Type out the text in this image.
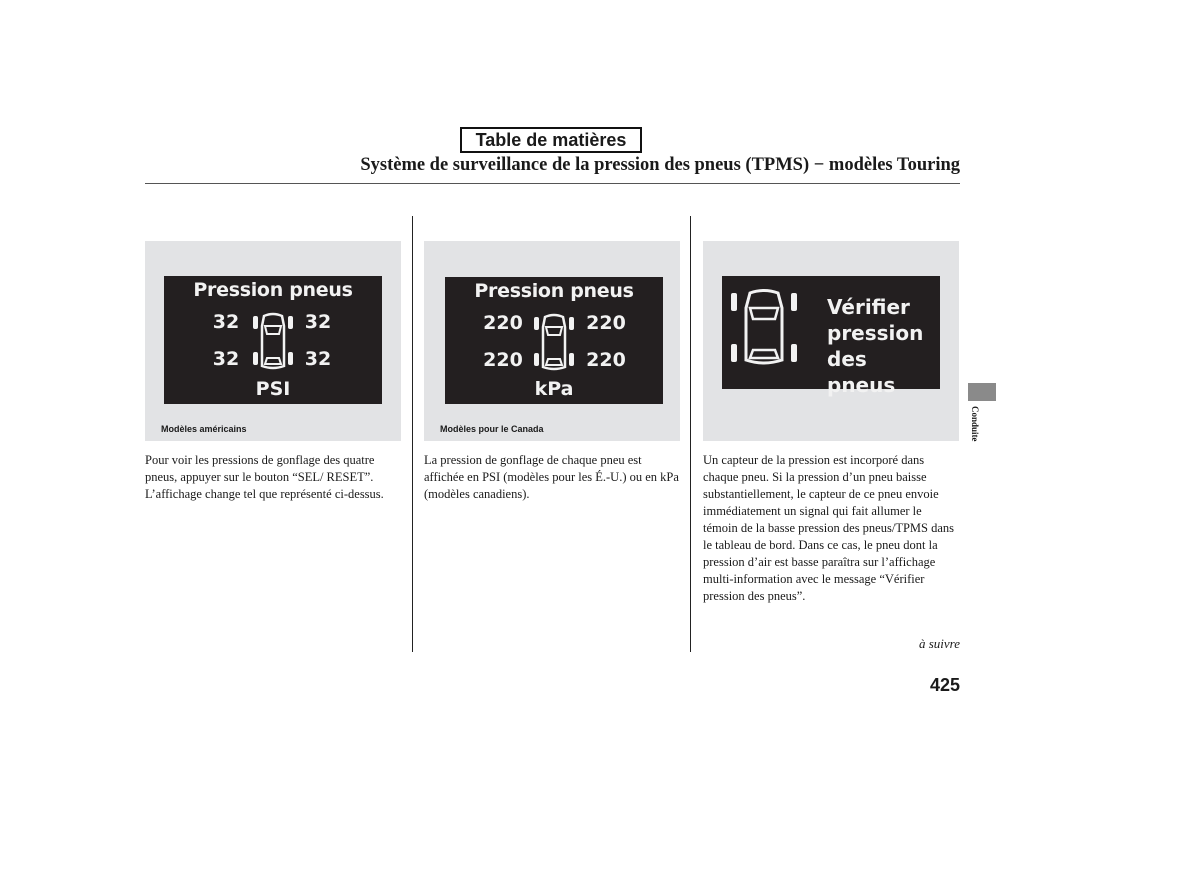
Table de matières
Système de surveillance de la pression des pneus (TPMS) − modèles Touring
Pression pneus
32	32
32	32
PSI
Modèles américains
Pression pneus
220	220
220	220
kPa
Modèles pour le Canada
Vérifier
pression
des pneus
Pour voir les pressions de gonflage des quatre pneus, appuyer sur le bouton “SEL/ RESET”. L’affichage change tel que représenté ci-dessus.
La pression de gonflage de chaque pneu est affichée en PSI (modèles pour les É.-U.) ou en kPa (modèles canadiens).
Un capteur de la pression est incorporé dans chaque pneu. Si la pression d’un pneu baisse substantiellement, le capteur de ce pneu envoie immédiatement un signal qui fait allumer le témoin de la basse pression des pneus/TPMS dans le tableau de bord. Dans ce cas, le pneu dont la pression d’air est basse paraîtra sur l’affichage multi-information avec le message “Vérifier pression des pneus”.
Conduite
à suivre
425
